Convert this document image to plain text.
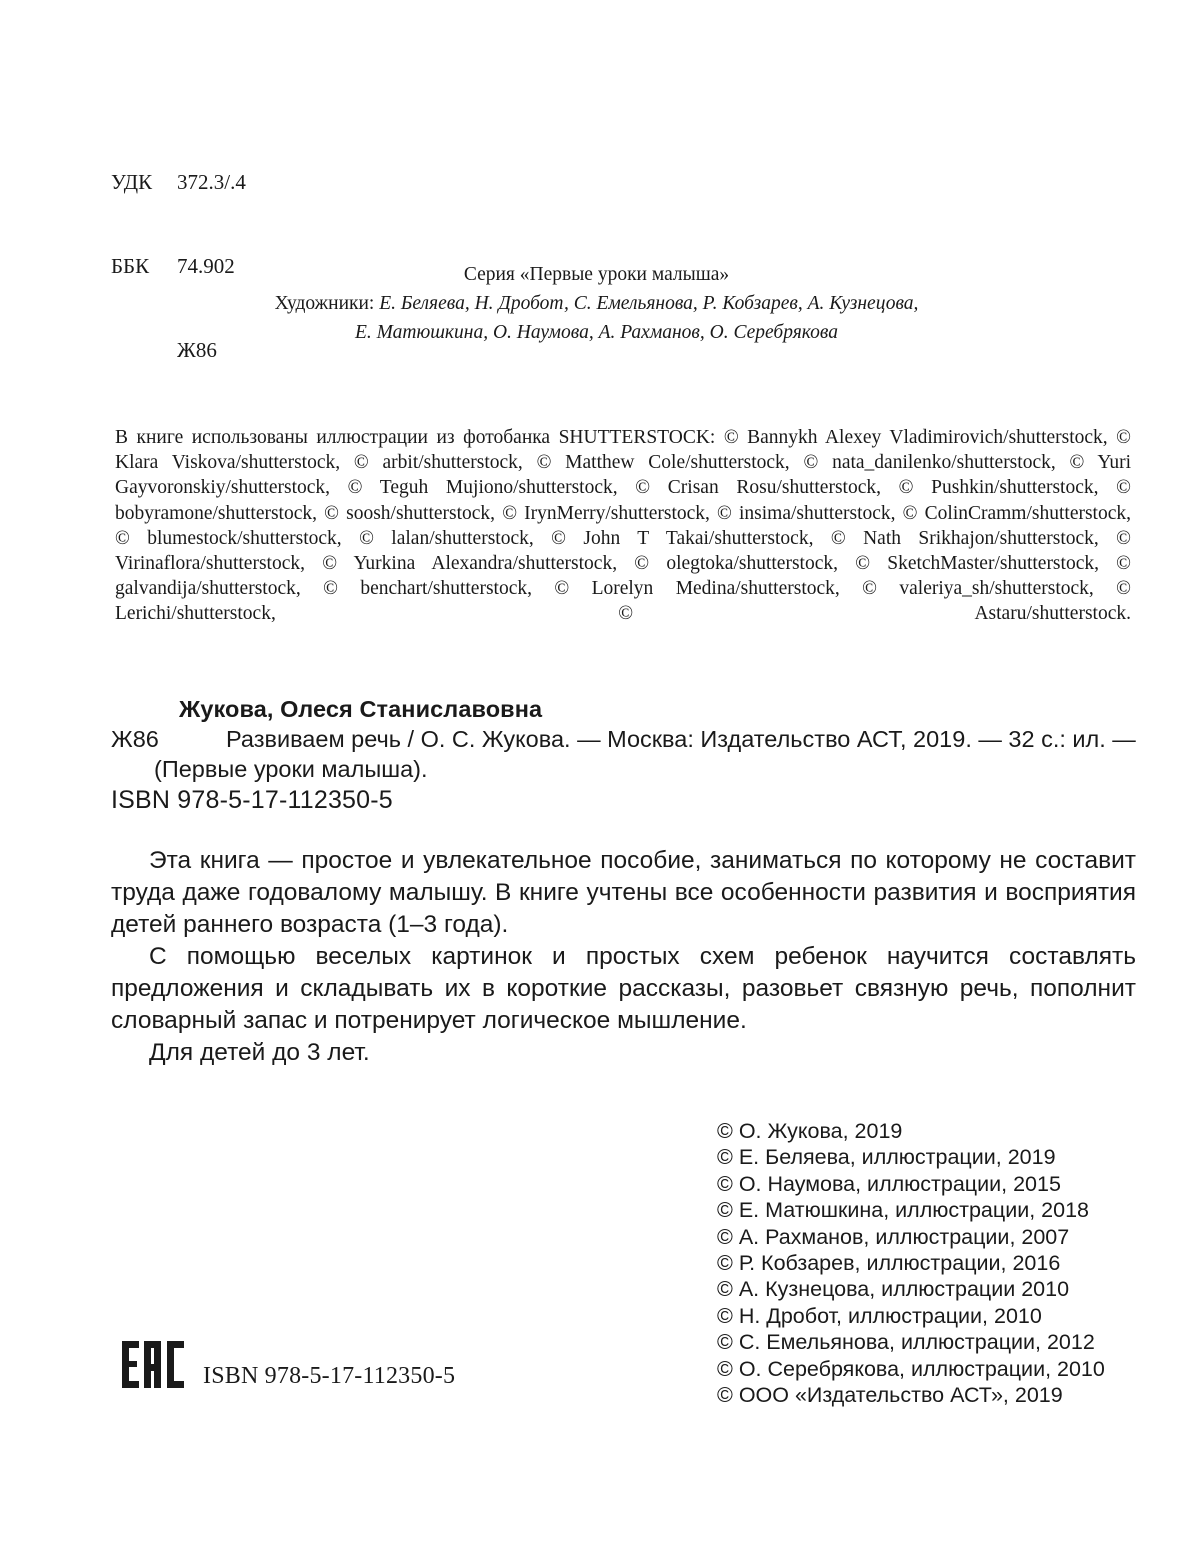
УДК 372.3/.4

ББК 74.902

Ж86

Серия «Первые уроки малыша»
Художники: Е. Беляева, Н. Дробот, С. Емельянова, Р. Кобзарев, А. Кузнецова,
Е. Матюшкина, О. Наумова, А. Рахманов, О. Серебрякова
В книге использованы иллюстрации из фотобанка SHUTTERSTOCK: © Bannykh Alexey Vladimirovich/shutterstock, © Klara Viskova/shutterstock, © arbit/shutterstock, © Matthew Cole/shutterstock, © nata_danilenko/shutterstock, © Yuri Gayvoronskiy/shutterstock, © Teguh Mujiono/shutterstock, © Crisan Rosu/shutterstock, © Pushkin/shutterstock, © bobyramone/shutterstock, © soosh/shutterstock, © IrynMerry/shutterstock, © insima/shutterstock, © ColinCramm/shutterstock, © blumestock/shutterstock, © lalan/shutterstock, © John T Takai/shutterstock, © Nath Srikhajon/shutterstock, © Virinaflora/shutterstock, © Yurkina Alexandra/shutterstock, © olegtoka/shutterstock, © SketchMaster/shutterstock, © galvandija/shutterstock, © benchart/shutterstock, © Lorelyn Medina/shutterstock, © valeriya_sh/shutterstock, © Lerichi/shutterstock, © Astaru/shutterstock.
Жукова, Олеся Станиславовна
Ж86	Развиваем речь / О. С. Жукова. — Москва: Издательство АСТ, 2019. — 32 с.: ил. —
(Первые уроки малыша).
ISBN 978-5-17-112350-5

Эта книга — простое и увлекательное пособие, заниматься по которому не составит труда даже годовалому малышу. В книге учтены все особенности развития и восприятия детей раннего возраста (1–3 года).

С помощью веселых картинок и простых схем ребенок научится составлять предложения и складывать их в короткие рассказы, разовьет связную речь, пополнит словарный запас и потренирует логическое мышление.

Для детей до 3 лет.

© О. Жукова, 2019
© Е. Беляева, иллюстрации, 2019
© О. Наумова, иллюстрации, 2015
© Е. Матюшкина, иллюстрации, 2018
© А. Рахманов, иллюстрации, 2007
© Р. Кобзарев, иллюстрации, 2016
© А. Кузнецова, иллюстрации 2010
© Н. Дробот, иллюстрации, 2010
© С. Емельянова, иллюстрации, 2012
© О. Серебрякова, иллюстрации, 2010
© ООО «Издательство АСТ», 2019
ISBN 978-5-17-112350-5
